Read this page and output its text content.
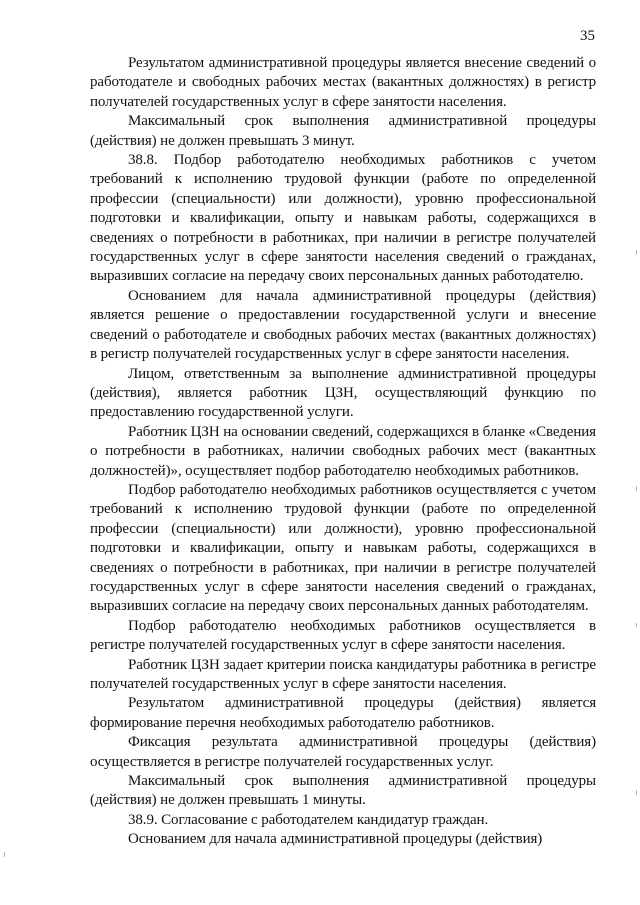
35

Результатом административной процедуры является внесение сведений о работодателе и свободных рабочих местах (вакантных должностях) в регистр получателей государственных услуг в сфере занятости населения.

Максимальный срок выполнения административной процедуры (действия) не должен превышать 3 минут.

38.8. Подбор работодателю необходимых работников с учетом требований к исполнению трудовой функции (работе по определенной профессии (специальности) или должности), уровню профессиональной подготовки и квалификации, опыту и навыкам работы, содержащихся в сведениях о потребности в работниках, при наличии в регистре получателей государственных услуг в сфере занятости населения сведений о гражданах, выразивших согласие на передачу своих персональных данных работодателю.

Основанием для начала административной процедуры (действия) является решение о предоставлении государственной услуги и внесение сведений о работодателе и свободных рабочих местах (вакантных должностях) в регистр получателей государственных услуг в сфере занятости населения.

Лицом, ответственным за выполнение административной процедуры (действия), является работник ЦЗН, осуществляющий функцию по предоставлению государственной услуги.

Работник ЦЗН на основании сведений, содержащихся в бланке «Сведения о потребности в работниках, наличии свободных рабочих мест (вакантных должностей)», осуществляет подбор работодателю необходимых работников.

Подбор работодателю необходимых работников осуществляется с учетом требований к исполнению трудовой функции (работе по определенной профессии (специальности) или должности), уровню профессиональной подготовки и квалификации, опыту и навыкам работы, содержащихся в сведениях о потребности в работниках, при наличии в регистре получателей государственных услуг в сфере занятости населения сведений о гражданах, выразивших согласие на передачу своих персональных данных работодателям.

Подбор работодателю необходимых работников осуществляется в регистре получателей государственных услуг в сфере занятости населения.

Работник ЦЗН задает критерии поиска кандидатуры работника в регистре получателей государственных услуг в сфере занятости населения.

Результатом административной процедуры (действия) является формирование перечня необходимых работодателю работников.

Фиксация результата административной процедуры (действия) осуществляется в регистре получателей государственных услуг.

Максимальный срок выполнения административной процедуры (действия) не должен превышать 1 минуты.

38.9. Согласование с работодателем кандидатур граждан.

Основанием для начала административной процедуры (действия)
